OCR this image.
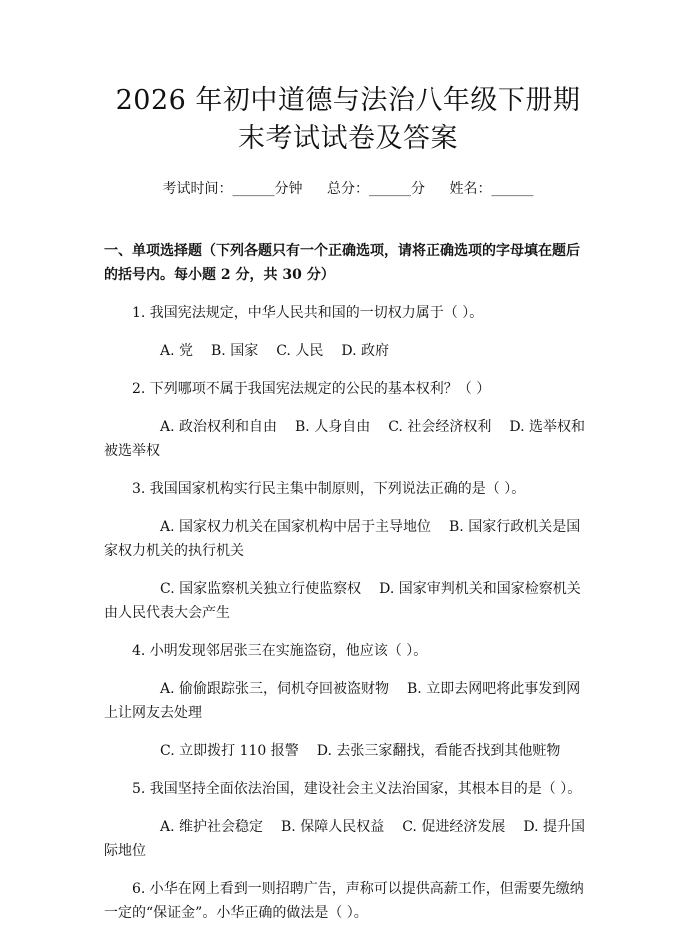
2026 年初中道德与法治八年级下册期末考试试卷及答案
考试时间：______分钟 总分：______分 姓名：______
一、单项选择题（下列各题只有一个正确选项，请将正确选项的字母填在题后的括号内。每小题 2 分，共 30 分）
1. 我国宪法规定，中华人民共和国的一切权力属于（ ）。
A. 党 B. 国家 C. 人民 D. 政府
2. 下列哪项不属于我国宪法规定的公民的基本权利？（ ）
A. 政治权利和自由 B. 人身自由 C. 社会经济权利 D. 选举权和被选举权
3. 我国国家机构实行民主集中制原则，下列说法正确的是（ ）。
A. 国家权力机关在国家机构中居于主导地位 B. 国家行政机关是国家权力机关的执行机关
C. 国家监察机关独立行使监察权 D. 国家审判机关和国家检察机关由人民代表大会产生
4. 小明发现邻居张三在实施盗窃，他应该（ ）。
A. 偷偷跟踪张三，伺机夺回被盗财物 B. 立即去网吧将此事发到网上让网友去处理
C. 立即拨打 110 报警 D. 去张三家翻找，看能否找到其他赃物
5. 我国坚持全面依法治国，建设社会主义法治国家，其根本目的是（ ）。
A. 维护社会稳定 B. 保障人民权益 C. 促进经济发展 D. 提升国际地位
6. 小华在网上看到一则招聘广告，声称可以提供高薪工作，但需要先缴纳一定的“保证金”。小华正确的做法是（ ）。
